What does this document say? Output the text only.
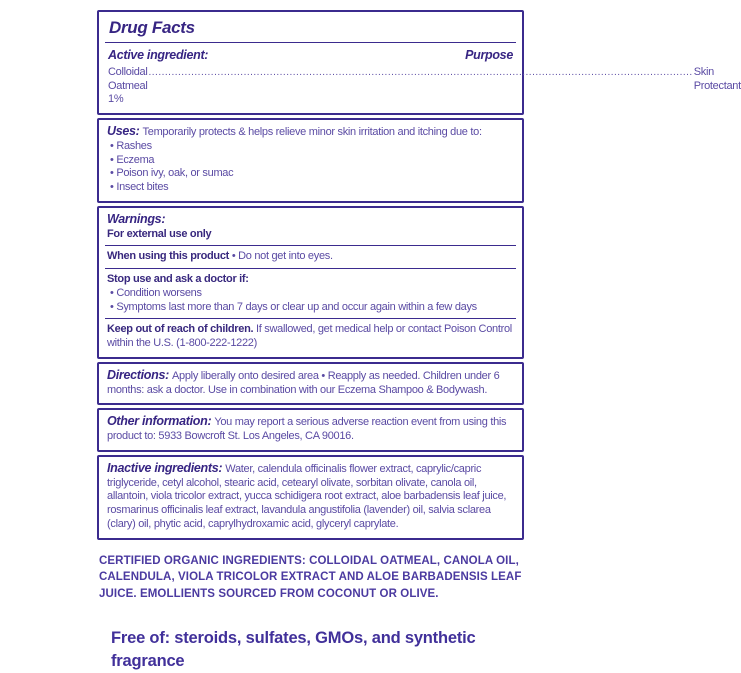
Drug Facts
Active ingredient:	Purpose
Colloidal Oatmeal 1%
.....
Skin Protectant

Uses: Temporarily protects & helps relieve minor skin irritation and itching due to:

• Rashes

• Eczema

• Poison ivy, oak, or sumac

• Insect bites

Warnings:

For external use only

When using this product • Do not get into eyes.

Stop use and ask a doctor if:

• Condition worsens

• Symptoms last more than 7 days or clear up and occur again within a few days

Keep out of reach of children. If swallowed, get medical help or contact Poison Control within the U.S. (1-800-222-1222)

Directions: Apply liberally onto desired area • Reapply as needed. Children under 6 months: ask a doctor. Use in combination with our Eczema Shampoo & Bodywash.

Other information: You may report a serious adverse reaction event from using this product to: 5933 Bowcroft St. Los Angeles, CA 90016.

Inactive ingredients: Water, calendula officinalis flower extract, caprylic/capric triglyceride, cetyl alcohol, stearic acid, cetearyl olivate, sorbitan olivate, canola oil, allantoin, viola tricolor extract, yucca schidigera root extract, aloe barbadensis leaf juice, rosmarinus officinalis leaf extract, lavandula angustifolia (lavender) oil, salvia sclarea (clary) oil, phytic acid, caprylhydroxamic acid, glyceryl caprylate.

CERTIFIED ORGANIC INGREDIENTS: COLLOIDAL OATMEAL, CANOLA OIL, CALENDULA, VIOLA TRICOLOR EXTRACT AND ALOE BARBADENSIS LEAF JUICE. EMOLLIENTS SOURCED FROM COCONUT OR OLIVE.

Free of: steroids, sulfates, GMOs, and synthetic fragrance
